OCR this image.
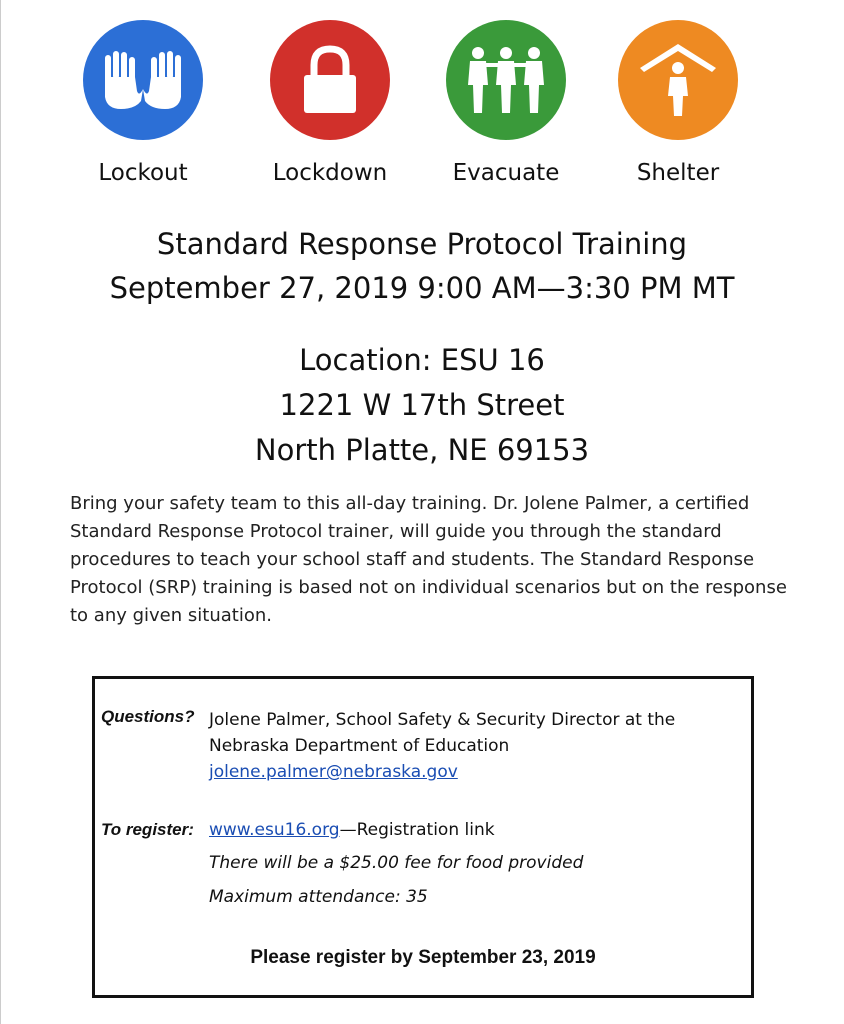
Lockout	Lockdown	Evacuate	Shelter
Standard Response Protocol Training
September 27, 2019 9:00 AM—3:30 PM MT
Location: ESU 16
1221 W 17th Street
North Platte, NE 69153
Bring your safety team to this all-day training. Dr. Jolene Palmer, a certified Standard Response Protocol trainer, will guide you through the standard procedures to teach your school staff and students. The Standard Response Protocol (SRP) training is based not on individual scenarios but on the response to any given situation.
Questions? Jolene Palmer, School Safety & Security Director at the
Nebraska Department of Education
jolene.palmer@nebraska.gov
To register: www.esu16.org—Registration link
There will be a $25.00 fee for food provided
Maximum attendance: 35
Please register by September 23, 2019
